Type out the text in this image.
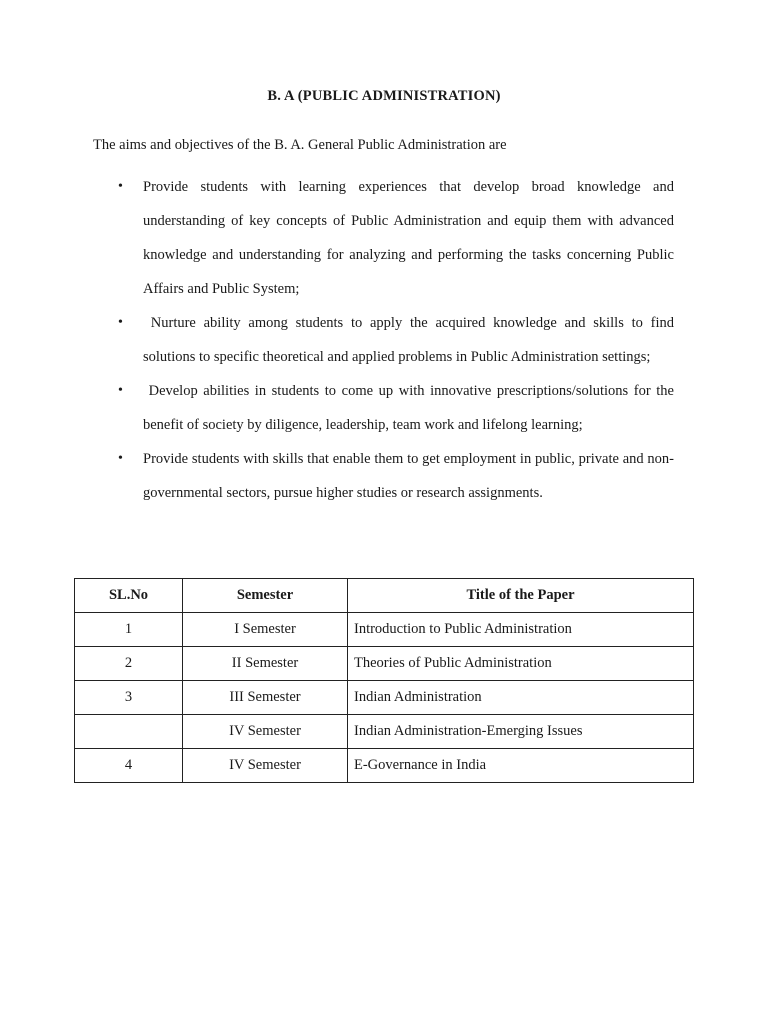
B. A (PUBLIC ADMINISTRATION)
The aims and objectives of the B. A. General Public Administration are
• Provide students with learning experiences that develop broad knowledge and understanding of key concepts of Public Administration and equip them with advanced knowledge and understanding for analyzing and performing the tasks concerning Public Affairs and Public System;
• Nurture ability among students to apply the acquired knowledge and skills to find solutions to specific theoretical and applied problems in Public Administration settings;
• Develop abilities in students to come up with innovative prescriptions/solutions for the benefit of society by diligence, leadership, team work and lifelong learning;
• Provide students with skills that enable them to get employment in public, private and non-governmental sectors, pursue higher studies or research assignments.
SL.No	Semester	Title of the Paper
1	I Semester	Introduction to Public Administration
2	II Semester	Theories of Public Administration
3	III Semester	Indian Administration
	IV Semester	Indian Administration-Emerging Issues
4	IV Semester	E-Governance in India
